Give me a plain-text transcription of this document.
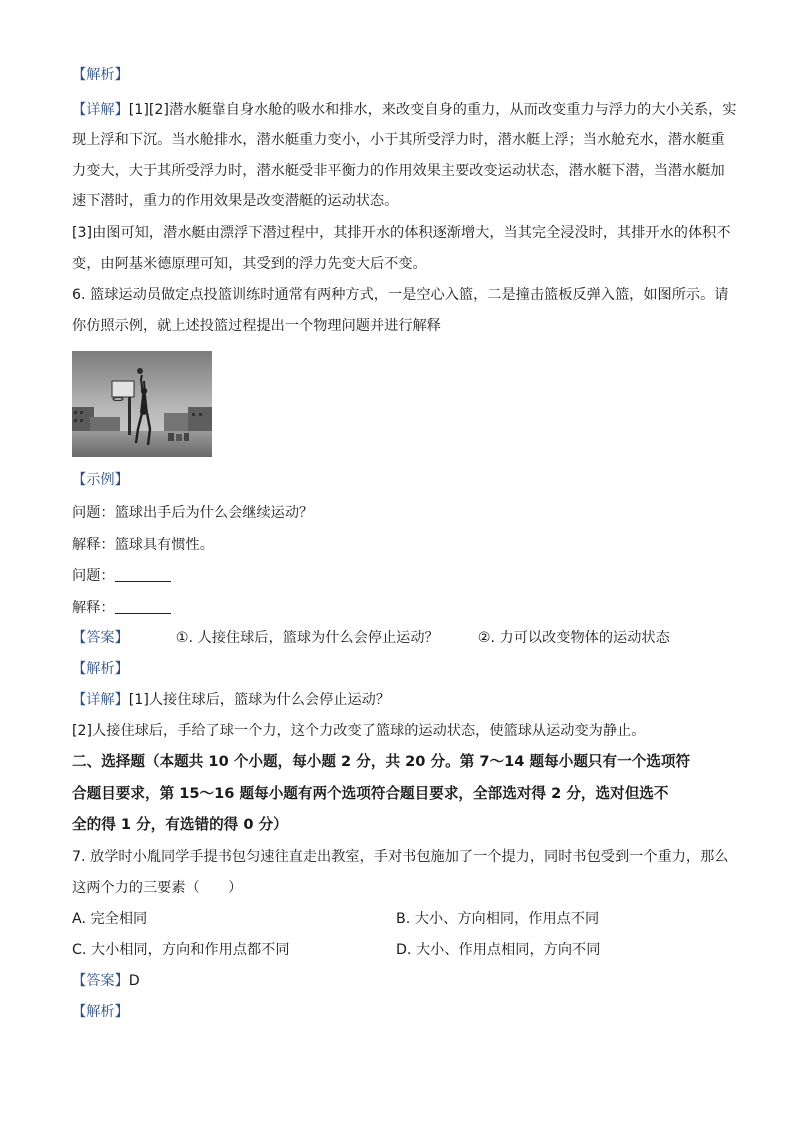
【解析】
【详解】[1][2]潜水艇靠自身水舱的吸水和排水，来改变自身的重力，从而改变重力与浮力的大小关系，实
现上浮和下沉。当水舱排水，潜水艇重力变小，小于其所受浮力时，潜水艇上浮；当水舱充水，潜水艇重
力变大，大于其所受浮力时，潜水艇受非平衡力的作用效果主要改变运动状态，潜水艇下潜，当潜水艇加
速下潜时，重力的作用效果是改变潜艇的运动状态。
[3]由图可知，潜水艇由漂浮下潜过程中，其排开水的体积逐渐增大，当其完全浸没时，其排开水的体积不
变，由阿基米德原理可知，其受到的浮力先变大后不变。
6. 篮球运动员做定点投篮训练时通常有两种方式，一是空心入篮，二是撞击篮板反弹入篮，如图所示。请
你仿照示例，就上述投篮过程提出一个物理问题并进行解释
【示例】
问题：篮球出手后为什么会继续运动？
解释：篮球具有惯性。
问题：
解释：
【答案】	①. 人接住球后，篮球为什么会停止运动？	②. 力可以改变物体的运动状态
【解析】
【详解】[1]人接住球后，篮球为什么会停止运动？
[2]人接住球后，手给了球一个力，这个力改变了篮球的运动状态，使篮球从运动变为静止。
二、选择题（本题共 10 个小题，每小题 2 分，共 20 分。第 7～14 题每小题只有一个选项符
合题目要求，第 15～16 题每小题有两个选项符合题目要求，全部选对得 2 分，选对但选不
全的得 1 分，有选错的得 0 分）
7. 放学时小胤同学手提书包匀速往直走出教室，手对书包施加了一个提力，同时书包受到一个重力，那么
这两个力的三要素（　　）
A. 完全相同	B. 大小、方向相同，作用点不同
C. 大小相同，方向和作用点都不同	D. 大小、作用点相同，方向不同
【答案】D
【解析】
